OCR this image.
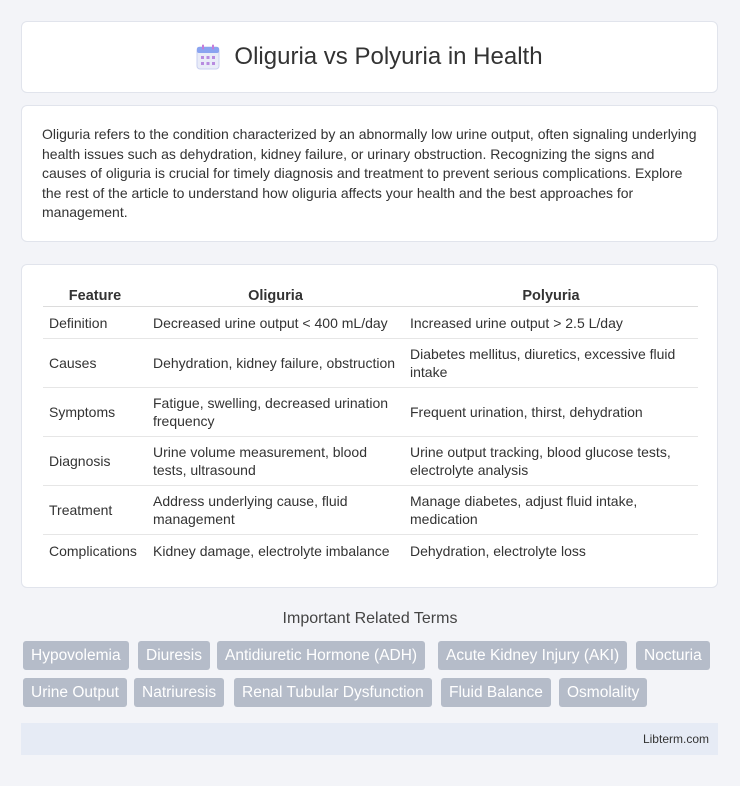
Oliguria vs Polyuria in Health

Oliguria refers to the condition characterized by an abnormally low urine output, often signaling underlying health issues such as dehydration, kidney failure, or urinary obstruction. Recognizing the signs and causes of oliguria is crucial for timely diagnosis and treatment to prevent serious complications. Explore the rest of the article to understand how oliguria affects your health and the best approaches for management.

Feature	Oliguria	Polyuria
Definition	Decreased urine output < 400 mL/day	Increased urine output > 2.5 L/day
Causes	Dehydration, kidney failure, obstruction	Diabetes mellitus, diuretics, excessive fluid intake
Symptoms	Fatigue, swelling, decreased urination frequency	Frequent urination, thirst, dehydration
Diagnosis	Urine volume measurement, blood tests, ultrasound	Urine output tracking, blood glucose tests, electrolyte analysis
Treatment	Address underlying cause, fluid management	Manage diabetes, adjust fluid intake, medication
Complications	Kidney damage, electrolyte imbalance	Dehydration, electrolyte loss
Important Related Terms
Hypovolemia	Diuresis	Antidiuretic Hormone (ADH)	Acute Kidney Injury (AKI)	Nocturia
Urine Output	Natriuresis	Renal Tubular Dysfunction	Fluid Balance	Osmolality
Libterm.com
